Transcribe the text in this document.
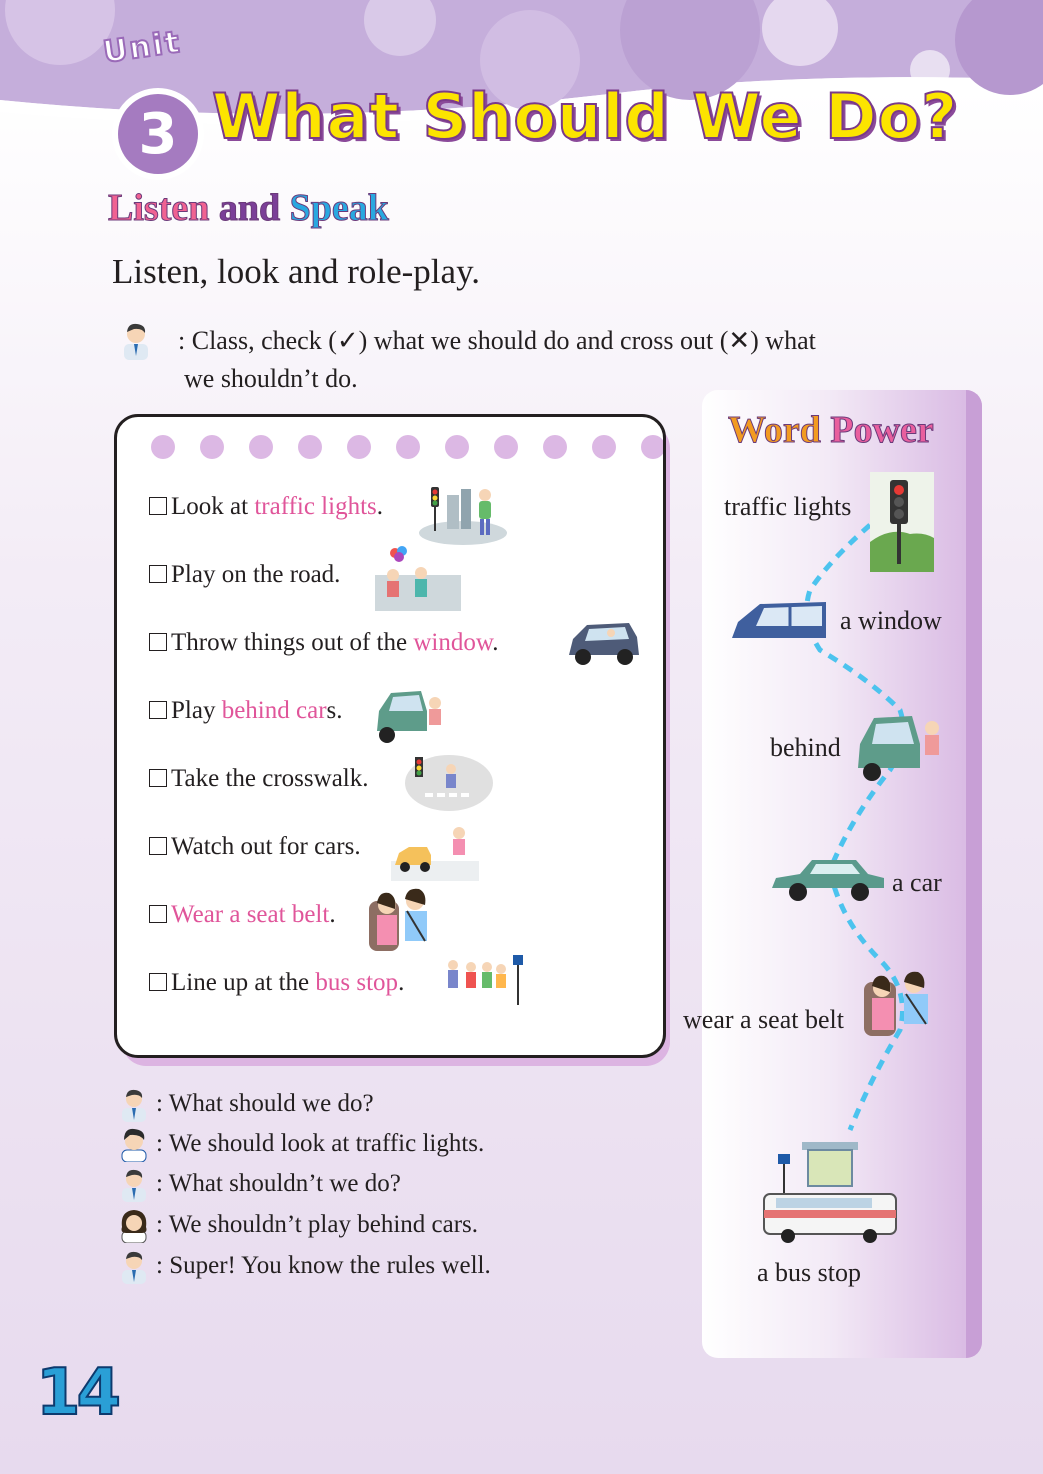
Unit
3 What Should We Do?
Listen and Speak
Listen, look and role-play.
: Class, check (✓) what we should do and cross out (✕) what
we shouldn’t do.
Look at traffic lights.
Play on the road.
Throw things out of the window.
Play behind cars.
Take the crosswalk.
Watch out for cars.
Wear a seat belt.
Line up at the bus stop.
Word Power
traffic lights
a window
behind
a car
wear a seat belt
a bus stop
: What should we do?
: We should look at traffic lights.
: What shouldn’t we do?
: We shouldn’t play behind cars.
: Super! You know the rules well.
14
